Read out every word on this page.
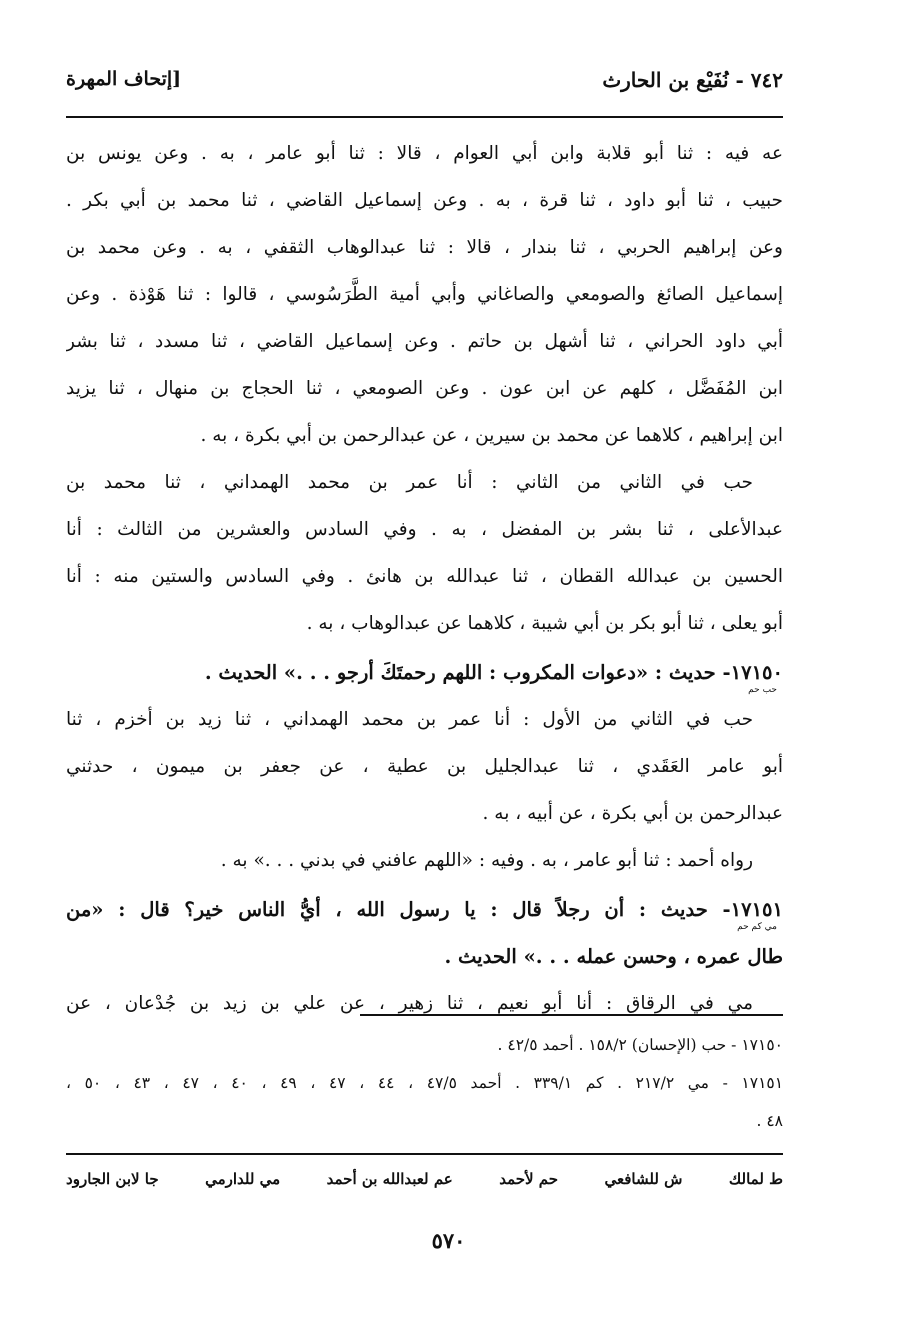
٧٤٢ - نُفَيْع بن الحارث
[إتحاف المهرة
عه فيه : ثنا أبو قلابة وابن أبي العوام ، قالا : ثنا أبو عامر ، به . وعن يونس بن
حبيب ، ثنا أبو داود ، ثنا قرة ، به . وعن إسماعيل القاضي ، ثنا محمد بن أبي بكر .
وعن إبراهيم الحربي ، ثنا بندار ، قالا : ثنا عبدالوهاب الثقفي ، به . وعن محمد بن
إسماعيل الصائغ والصومعي والصاغاني وأبي أمية الطَّرَسُوسي ، قالوا : ثنا هَوْذة . وعن
أبي داود الحراني ، ثنا أشهل بن حاتم . وعن إسماعيل القاضي ، ثنا مسدد ، ثنا بشر
ابن المُفَضَّل ، كلهم عن ابن عون . وعن الصومعي ، ثنا الحجاج بن منهال ، ثنا يزيد
ابن إبراهيم ، كلاهما عن محمد بن سيرين ، عن عبدالرحمن بن أبي بكرة ، به .
حب في الثاني من الثاني : أنا عمر بن محمد الهمداني ، ثنا محمد بن
عبدالأعلى ، ثنا بشر بن المفضل ، به . وفي السادس والعشرين من الثالث : أنا
الحسين بن عبدالله القطان ، ثنا عبدالله بن هانئ . وفي السادس والستين منه : أنا
أبو يعلى ، ثنا أبو بكر بن أبي شيبة ، كلاهما عن عبدالوهاب ، به .
١٧١٥٠- حديث : «دعوات المكروب : اللهم رحمتَكَ أرجو . . .» الحديث .
حب حم
حب في الثاني من الأول : أنا عمر بن محمد الهمداني ، ثنا زيد بن أخزم ، ثنا
أبو عامر العَقَدي ، ثنا عبدالجليل بن عطية ، عن جعفر بن ميمون ، حدثني
عبدالرحمن بن أبي بكرة ، عن أبيه ، به .
رواه أحمد : ثنا أبو عامر ، به . وفيه : «اللهم عافني في بدني . . .» به .
١٧١٥١- حديث : أن رجلاً قال : يا رسول الله ، أيُّ الناس خير؟ قال : «من
مي كم حم
طال عمره ، وحسن عمله . . .» الحديث .
مي في الرقاق : أنا أبو نعيم ، ثنا زهير ، عن علي بن زيد بن جُدْعان ، عن
١٧١٥٠ - حب (الإحسان) ١٥٨/٢ . أحمد ٤٢/٥ .
١٧١٥١ - مي ٢١٧/٢ . كم ٣٣٩/١ . أحمد ٤٧/٥ ، ٤٤ ، ٤٧ ، ٤٩ ، ٤٠ ، ٤٧ ، ٤٣ ، ٥٠ ،
٤٨ .
ط لمالك
ش للشافعي
حم لأحمد
عم لعبدالله بن أحمد
مي للدارمي
جا لابن الجارود
٥٧٠
